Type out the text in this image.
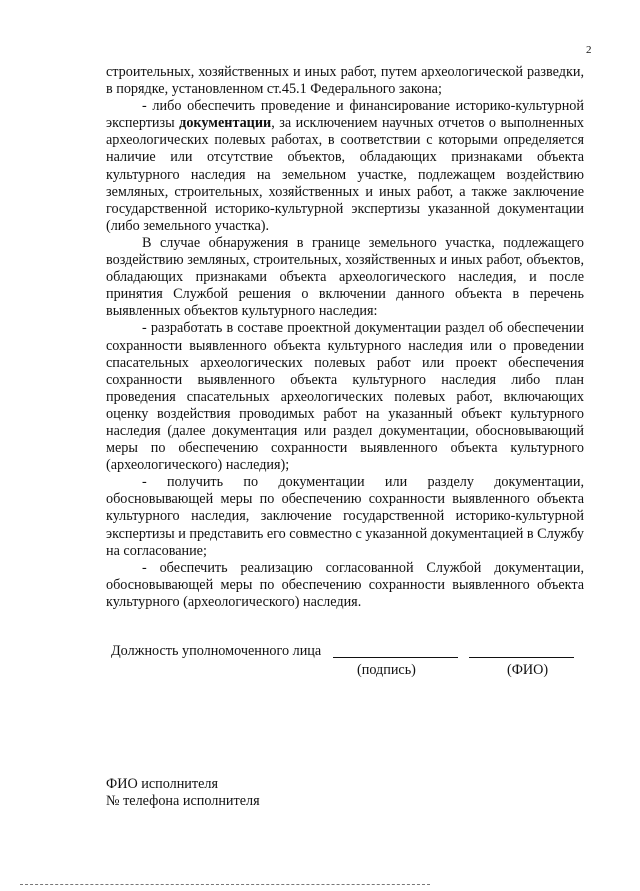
2

строительных, хозяйственных и иных работ, путем археологической разведки, в порядке, установленном ст.45.1 Федерального закона;

- либо обеспечить проведение и финансирование историко-культурной экспертизы документации, за исключением научных отчетов о выполненных археологических полевых работах, в соответствии с которыми определяется наличие или отсутствие объектов, обладающих признаками объекта культурного наследия на земельном участке, подлежащем воздействию земляных, строительных, хозяйственных и иных работ, а также заключение государственной историко-культурной экспертизы указанной документации (либо земельного участка).

В случае обнаружения в границе земельного участка, подлежащего воздействию земляных, строительных, хозяйственных и иных работ, объектов, обладающих признаками объекта археологического наследия, и после принятия Службой решения о включении данного объекта в перечень выявленных объектов культурного наследия:

- разработать в составе проектной документации раздел об обеспечении сохранности выявленного объекта культурного наследия или о проведении спасательных археологических полевых работ или проект обеспечения сохранности выявленного объекта культурного наследия либо план проведения спасательных археологических полевых работ, включающих оценку воздействия проводимых работ на указанный объект культурного наследия (далее документация или раздел документации, обосновывающий меры по обеспечению сохранности выявленного объекта культурного (археологического) наследия);

- получить по документации или разделу документации, обосновывающей меры по обеспечению сохранности выявленного объекта культурного наследия, заключение государственной историко-культурной экспертизы и представить его совместно с указанной документацией в Службу на согласование;

- обеспечить реализацию согласованной Службой документации, обосновывающей меры по обеспечению сохранности выявленного объекта культурного (археологического) наследия.

Должность уполномоченного лица
(подпись)	(ФИО)
ФИО исполнителя
№ телефона исполнителя
